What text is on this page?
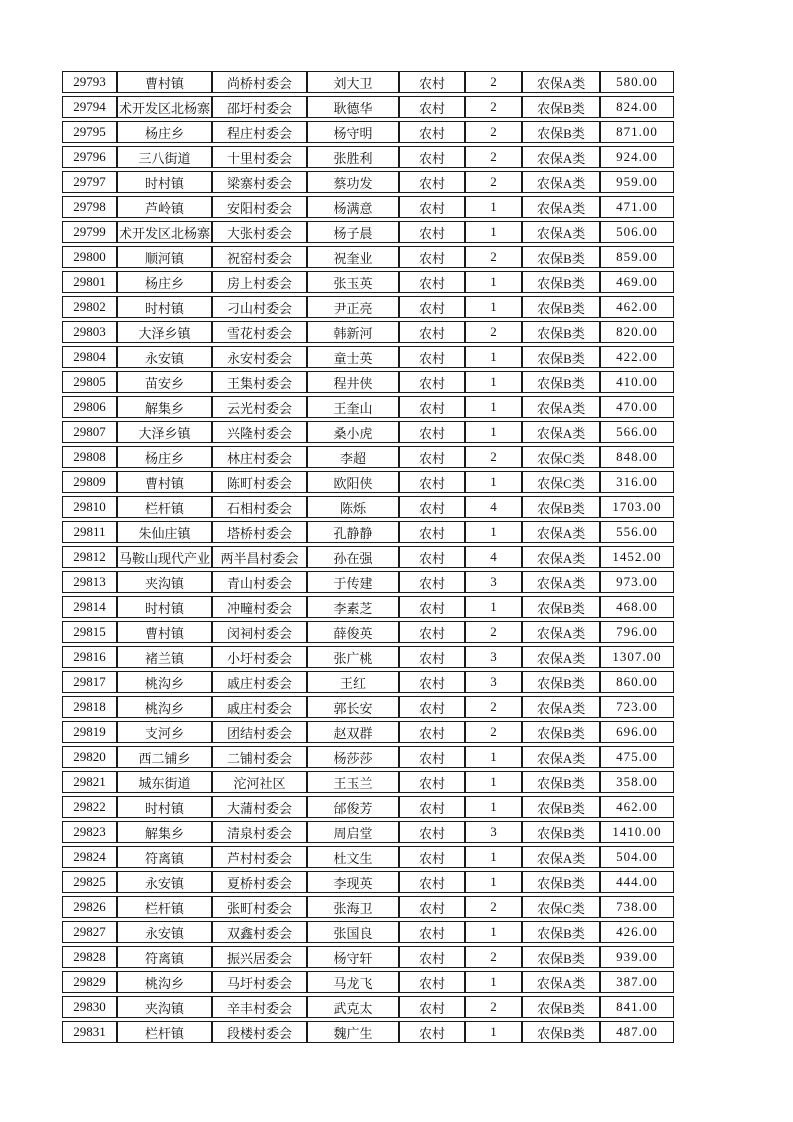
29793	曹村镇	尚桥村委会	刘大卫	农村	2	农保A类	580.00
29794	术开发区北杨寨	邵圩村委会	耿德华	农村	2	农保B类	824.00
29795	杨庄乡	程庄村委会	杨守明	农村	2	农保B类	871.00
29796	三八街道	十里村委会	张胜利	农村	2	农保A类	924.00
29797	时村镇	梁寨村委会	蔡功发	农村	2	农保A类	959.00
29798	芦岭镇	安阳村委会	杨满意	农村	1	农保A类	471.00
29799	术开发区北杨寨	大张村委会	杨子晨	农村	1	农保A类	506.00
29800	顺河镇	祝窑村委会	祝奎业	农村	2	农保B类	859.00
29801	杨庄乡	房上村委会	张玉英	农村	1	农保B类	469.00
29802	时村镇	刁山村委会	尹正亮	农村	1	农保B类	462.00
29803	大泽乡镇	雪花村委会	韩新河	农村	2	农保B类	820.00
29804	永安镇	永安村委会	童士英	农村	1	农保B类	422.00
29805	苗安乡	王集村委会	程井侠	农村	1	农保B类	410.00
29806	解集乡	云光村委会	王奎山	农村	1	农保A类	470.00
29807	大泽乡镇	兴隆村委会	桑小虎	农村	1	农保A类	566.00
29808	杨庄乡	林庄村委会	李超	农村	2	农保C类	848.00
29809	曹村镇	陈町村委会	欧阳侠	农村	1	农保C类	316.00
29810	栏杆镇	石相村委会	陈烁	农村	4	农保B类	1703.00
29811	朱仙庄镇	塔桥村委会	孔静静	农村	1	农保A类	556.00
29812	马鞍山现代产业	两半昌村委会	孙在强	农村	4	农保A类	1452.00
29813	夹沟镇	青山村委会	于传建	农村	3	农保A类	973.00
29814	时村镇	冲疃村委会	李素芝	农村	1	农保B类	468.00
29815	曹村镇	闵祠村委会	薛俊英	农村	2	农保A类	796.00
29816	褚兰镇	小圩村委会	张广桃	农村	3	农保A类	1307.00
29817	桃沟乡	戚庄村委会	王红	农村	3	农保B类	860.00
29818	桃沟乡	戚庄村委会	郭长安	农村	2	农保A类	723.00
29819	支河乡	团结村委会	赵双群	农村	2	农保B类	696.00
29820	西二铺乡	二铺村委会	杨莎莎	农村	1	农保A类	475.00
29821	城东街道	沱河社区	王玉兰	农村	1	农保B类	358.00
29822	时村镇	大蒲村委会	邰俊芳	农村	1	农保B类	462.00
29823	解集乡	清泉村委会	周启堂	农村	3	农保B类	1410.00
29824	符离镇	芦村村委会	杜文生	农村	1	农保A类	504.00
29825	永安镇	夏桥村委会	李现英	农村	1	农保B类	444.00
29826	栏杆镇	张町村委会	张海卫	农村	2	农保C类	738.00
29827	永安镇	双鑫村委会	张国良	农村	1	农保B类	426.00
29828	符离镇	振兴居委会	杨守轩	农村	2	农保B类	939.00
29829	桃沟乡	马圩村委会	马龙飞	农村	1	农保A类	387.00
29830	夹沟镇	辛丰村委会	武克太	农村	2	农保B类	841.00
29831	栏杆镇	段楼村委会	魏广生	农村	1	农保B类	487.00
